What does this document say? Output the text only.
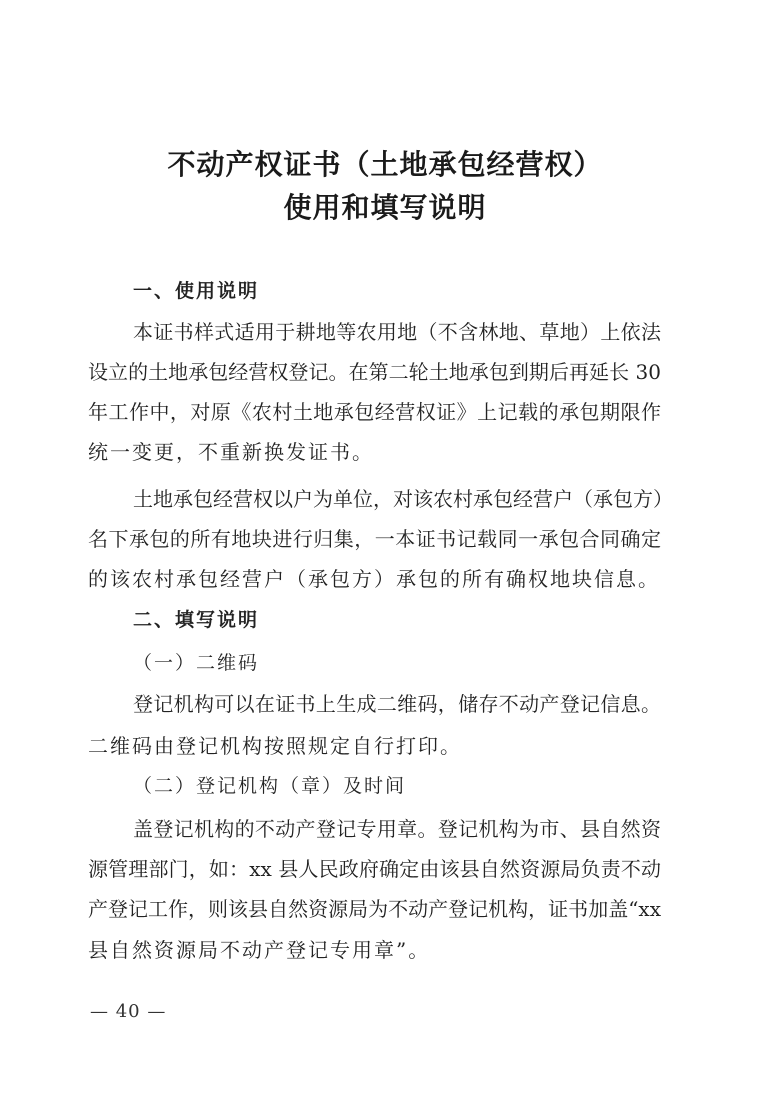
不动产权证书（土地承包经营权）
使用和填写说明
一、使用说明
本证书样式适用于耕地等农用地（不含林地、草地）上依法
设立的土地承包经营权登记。在第二轮土地承包到期后再延长 30
年工作中，对原《农村土地承包经营权证》上记载的承包期限作
统一变更，不重新换发证书。
土地承包经营权以户为单位，对该农村承包经营户（承包方）
名下承包的所有地块进行归集，一本证书记载同一承包合同确定
的该农村承包经营户（承包方）承包的所有确权地块信息。
二、填写说明
（一）二维码
登记机构可以在证书上生成二维码，储存不动产登记信息。
二维码由登记机构按照规定自行打印。
（二）登记机构（章）及时间
盖登记机构的不动产登记专用章。登记机构为市、县自然资
源管理部门，如：xx 县人民政府确定由该县自然资源局负责不动
产登记工作，则该县自然资源局为不动产登记机构，证书加盖“xx
县自然资源局不动产登记专用章”。
— 40 —
